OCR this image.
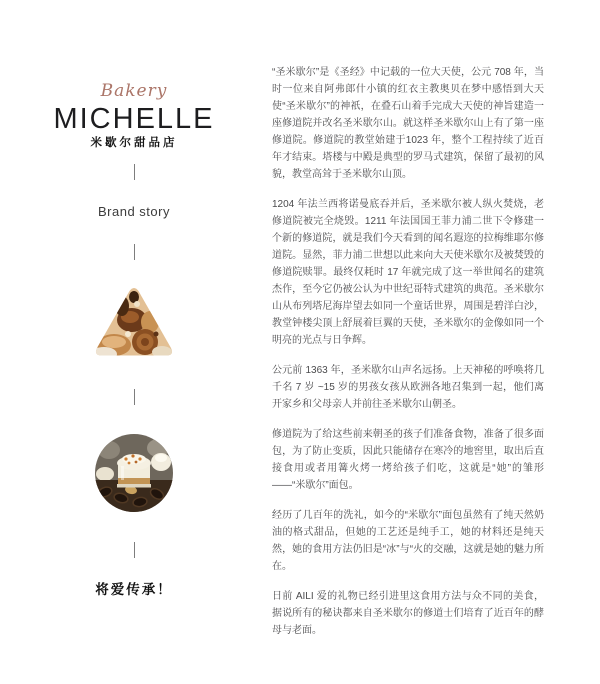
Bakery
MICHELLE
米歇尔甜品店
Brand story
将爱传承！

“圣米歇尔”是《圣经》中记载的一位大天使，公元 708 年，当时一位来自阿弗郎什小镇的红衣主教奥贝在梦中感悟到大天使“圣米歇尔”的神祇，在叠石山着手完成大天使的神旨建造一座修道院并改名圣米歇尔山。就这样圣米歇尔山上有了第一座修道院。修道院的教堂始建于1023 年，整个工程持续了近百年才结束。塔楼与中殿是典型的罗马式建筑，保留了最初的风貌，教堂高耸于圣米歇尔山顶。

1204 年法兰西将诺曼底吞并后，圣米歇尔被人纵火焚烧，老修道院被完全烧毁。1211 年法国国王菲力浦二世下令修建一个新的修道院，就是我们今天看到的闻名遐迩的拉梅维耶尔修道院。显然，菲力浦二世想以此来向大天使米歇尔及被焚毁的修道院赎罪。最终仅耗时 17 年就完成了这一举世闻名的建筑杰作，至今它仍被公认为中世纪哥特式建筑的典范。圣米歇尔山从布列塔尼海岸望去如同一个童话世界，周围是碧洋白沙，教堂钟楼尖顶上舒展着巨翼的天使，圣米歇尔的金像如同一个明亮的光点与日争辉。

公元前 1363 年，圣米歇尔山声名远扬。上天神秘的呼唤将几千名 7 岁 ~15 岁的男孩女孩从欧洲各地召集到一起，他们离开家乡和父母亲人并前往圣米歇尔山朝圣。

修道院为了给这些前来朝圣的孩子们准备食物，准备了很多面包，为了防止变质，因此只能储存在寒冷的地窖里，取出后直接食用或者用篝火烤一烤给孩子们吃，这就是“她”的雏形——“米歇尔”面包。

经历了几百年的洗礼，如今的“米歇尔”面包虽然有了纯天然奶油的格式甜品，但她的工艺还是纯手工，她的材料还是纯天然，她的食用方法仍旧是“冰”与“火的交融，这就是她的魅力所在。

日前 AILI 爱的礼物已经引进里这食用方法与众不同的美食，据说所有的秘诀都来自圣米歇尔的修道士们培育了近百年的酵母与老面。
